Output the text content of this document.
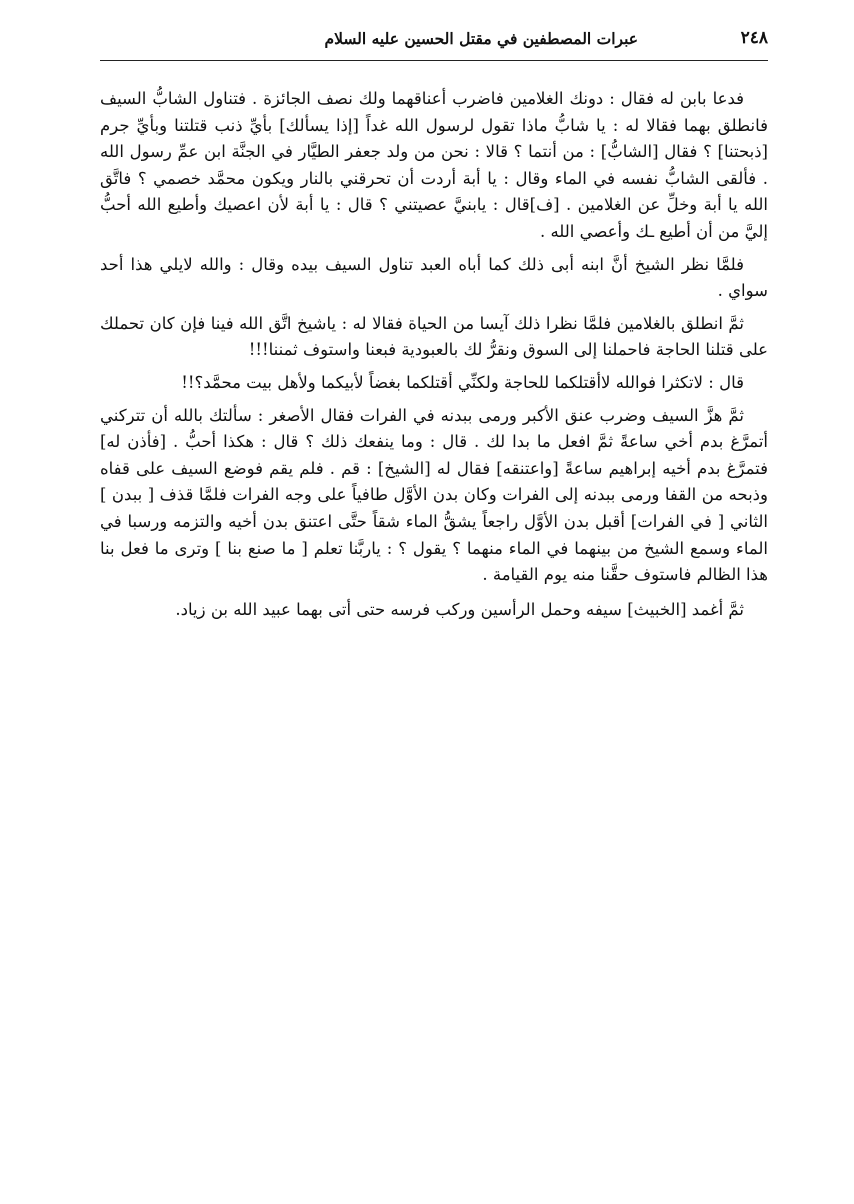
٢٤٨
عبرات المصطفين في مقتل الحسين عليه السلام

فدعا بابن له فقال : دونك الغلامين فاضرب أعناقهما ولك نصف الجائزة . فتناول الشابُّ السيف فانطلق بهما فقالا له : يا شابُّ ماذا تقول لرسول الله غداً [إذا يسألك] بأيِّ ذنب قتلتنا وبأيِّ جرم [ذبحتنا] ؟ فقال [الشابُّ] : من أنتما ؟ قالا : نحن من ولد جعفر الطيَّار في الجنَّة ابن عمِّ رسول الله . فألقى الشابُّ نفسه في الماء وقال : يا أبة أردت أن تحرقني بالنار ويكون محمَّد خصمي ؟ فاتَّق الله يا أبة وخلِّ عن الغلامين . [ف]قال : يابنيَّ عصيتني ؟ قال : يا أبة لأن اعصيك وأطيع الله أحبُّ إليَّ من أن أطيع ـك وأعصي الله .

فلمَّا نظر الشيخ أنَّ ابنه أبى ذلك كما أباه العبد تناول السيف بيده وقال : والله لايلي هذا أحد سواي .

ثمَّ انطلق بالغلامين فلمَّا نظرا ذلك آيسا من الحياة فقالا له : ياشيخ اتَّق الله فينا فإن كان تحملك على قتلنا الحاجة فاحملنا إلى السوق ونقرُّ لك بالعبودية فبعنا واستوف ثمننا!!!

قال : لاتكثرا فوالله لاأقتلكما للحاجة ولكنِّي أقتلكما بغضاً لأبيكما ولأهل بيت محمَّد؟!!

ثمَّ هزَّ السيف وضرب عنق الأكبر ورمى ببدنه في الفرات فقال الأصغر : سألتك بالله أن تتركني أتمرَّغ بدم أخي ساعةً ثمَّ افعل ما بدا لك . قال : وما ينفعك ذلك ؟ قال : هكذا أحبُّ . [فأذن له] فتمرَّغ بدم أخيه إبراهيم ساعةً [واعتنقه] فقال له [الشيخ] : قم . فلم يقم فوضع السيف على قفاه وذبحه من القفا ورمى ببدنه إلى الفرات وكان بدن الأوَّل طافياً على وجه الفرات فلمَّا قذف [ ببدن ] الثاني [ في الفرات] أقبل بدن الأوَّل راجعاً يشقُّ الماء شقاً حتَّى اعتنق بدن أخيه والتزمه ورسبا في الماء وسمع الشيخ من بينهما في الماء منهما ؟ يقول ؟ : ياربَّنا تعلم [ ما صنع بنا ] وترى ما فعل بنا هذا الظالم فاستوف حقَّنا منه يوم القيامة .

ثمَّ أغمد [الخبيث] سيفه وحمل الرأسين وركب فرسه حتى أتى بهما عبيد الله بن زياد.
